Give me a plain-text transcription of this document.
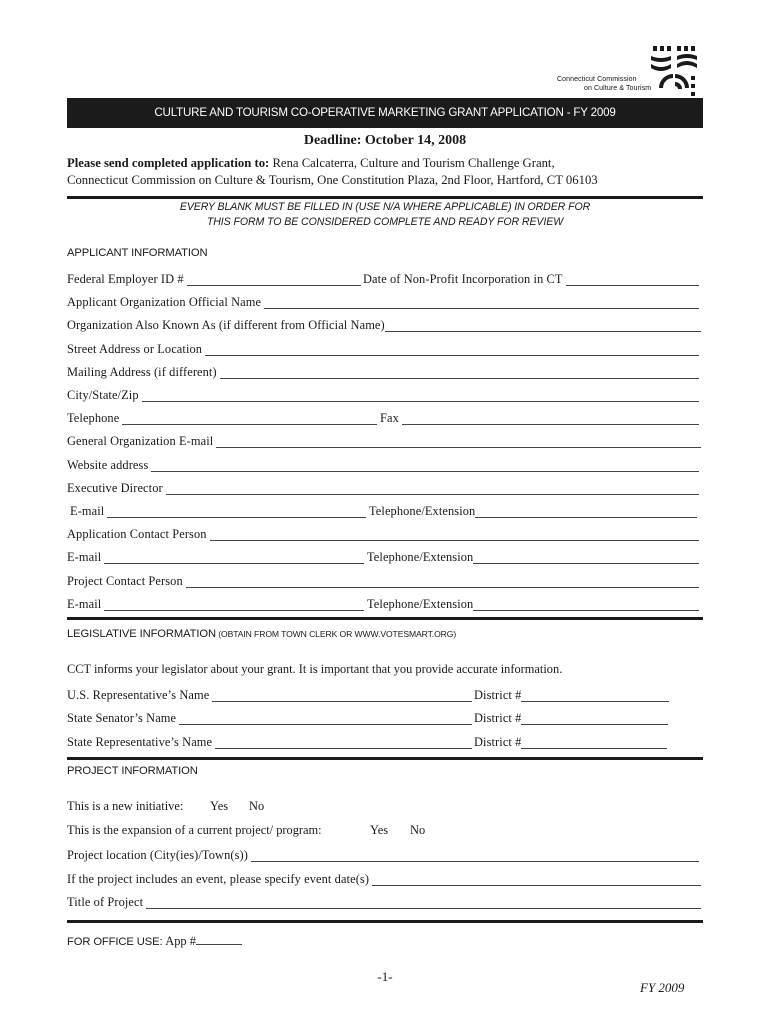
Connecticut Commission
on Culture & Tourism
CULTURE AND TOURISM CO-OPERATIVE MARKETING GRANT APPLICATION - FY 2009
Deadline: October 14, 2008
Please send completed application to: Rena Calcaterra, Culture and Tourism Challenge Grant,
Connecticut Commission on Culture & Tourism, One Constitution Plaza, 2nd Floor, Hartford, CT 06103
EVERY BLANK MUST BE FILLED IN (USE N/A WHERE APPLICABLE) IN ORDER FOR
THIS FORM TO BE CONSIDERED COMPLETE AND READY FOR REVIEW
APPLICANT INFORMATION
Federal Employer ID #	Date of Non-Profit Incorporation in CT
Applicant Organization Official Name
Organization Also Known As (if different from Official Name)
Street Address or Location
Mailing Address (if different)
City/State/Zip
Telephone	Fax
General Organization E-mail
Website address
Executive Director
E-mail	Telephone/Extension
Application Contact Person
E-mail	Telephone/Extension
Project Contact Person
E-mail	Telephone/Extension
LEGISLATIVE INFORMATION (OBTAIN FROM TOWN CLERK OR WWW.VOTESMART.ORG)
CCT informs your legislator about your grant. It is important that you provide accurate information.
U.S. Representative’s Name	District #
State Senator’s Name	District #
State Representative’s Name	District #
PROJECT INFORMATION
This is a new initiative: Yes No
This is the expansion of a current project/ program:	Yes No
Project location (City(ies)/Town(s))
If the project includes an event, please specify event date(s)
Title of Project
FOR OFFICE USE: App #
-1-
FY 2009
